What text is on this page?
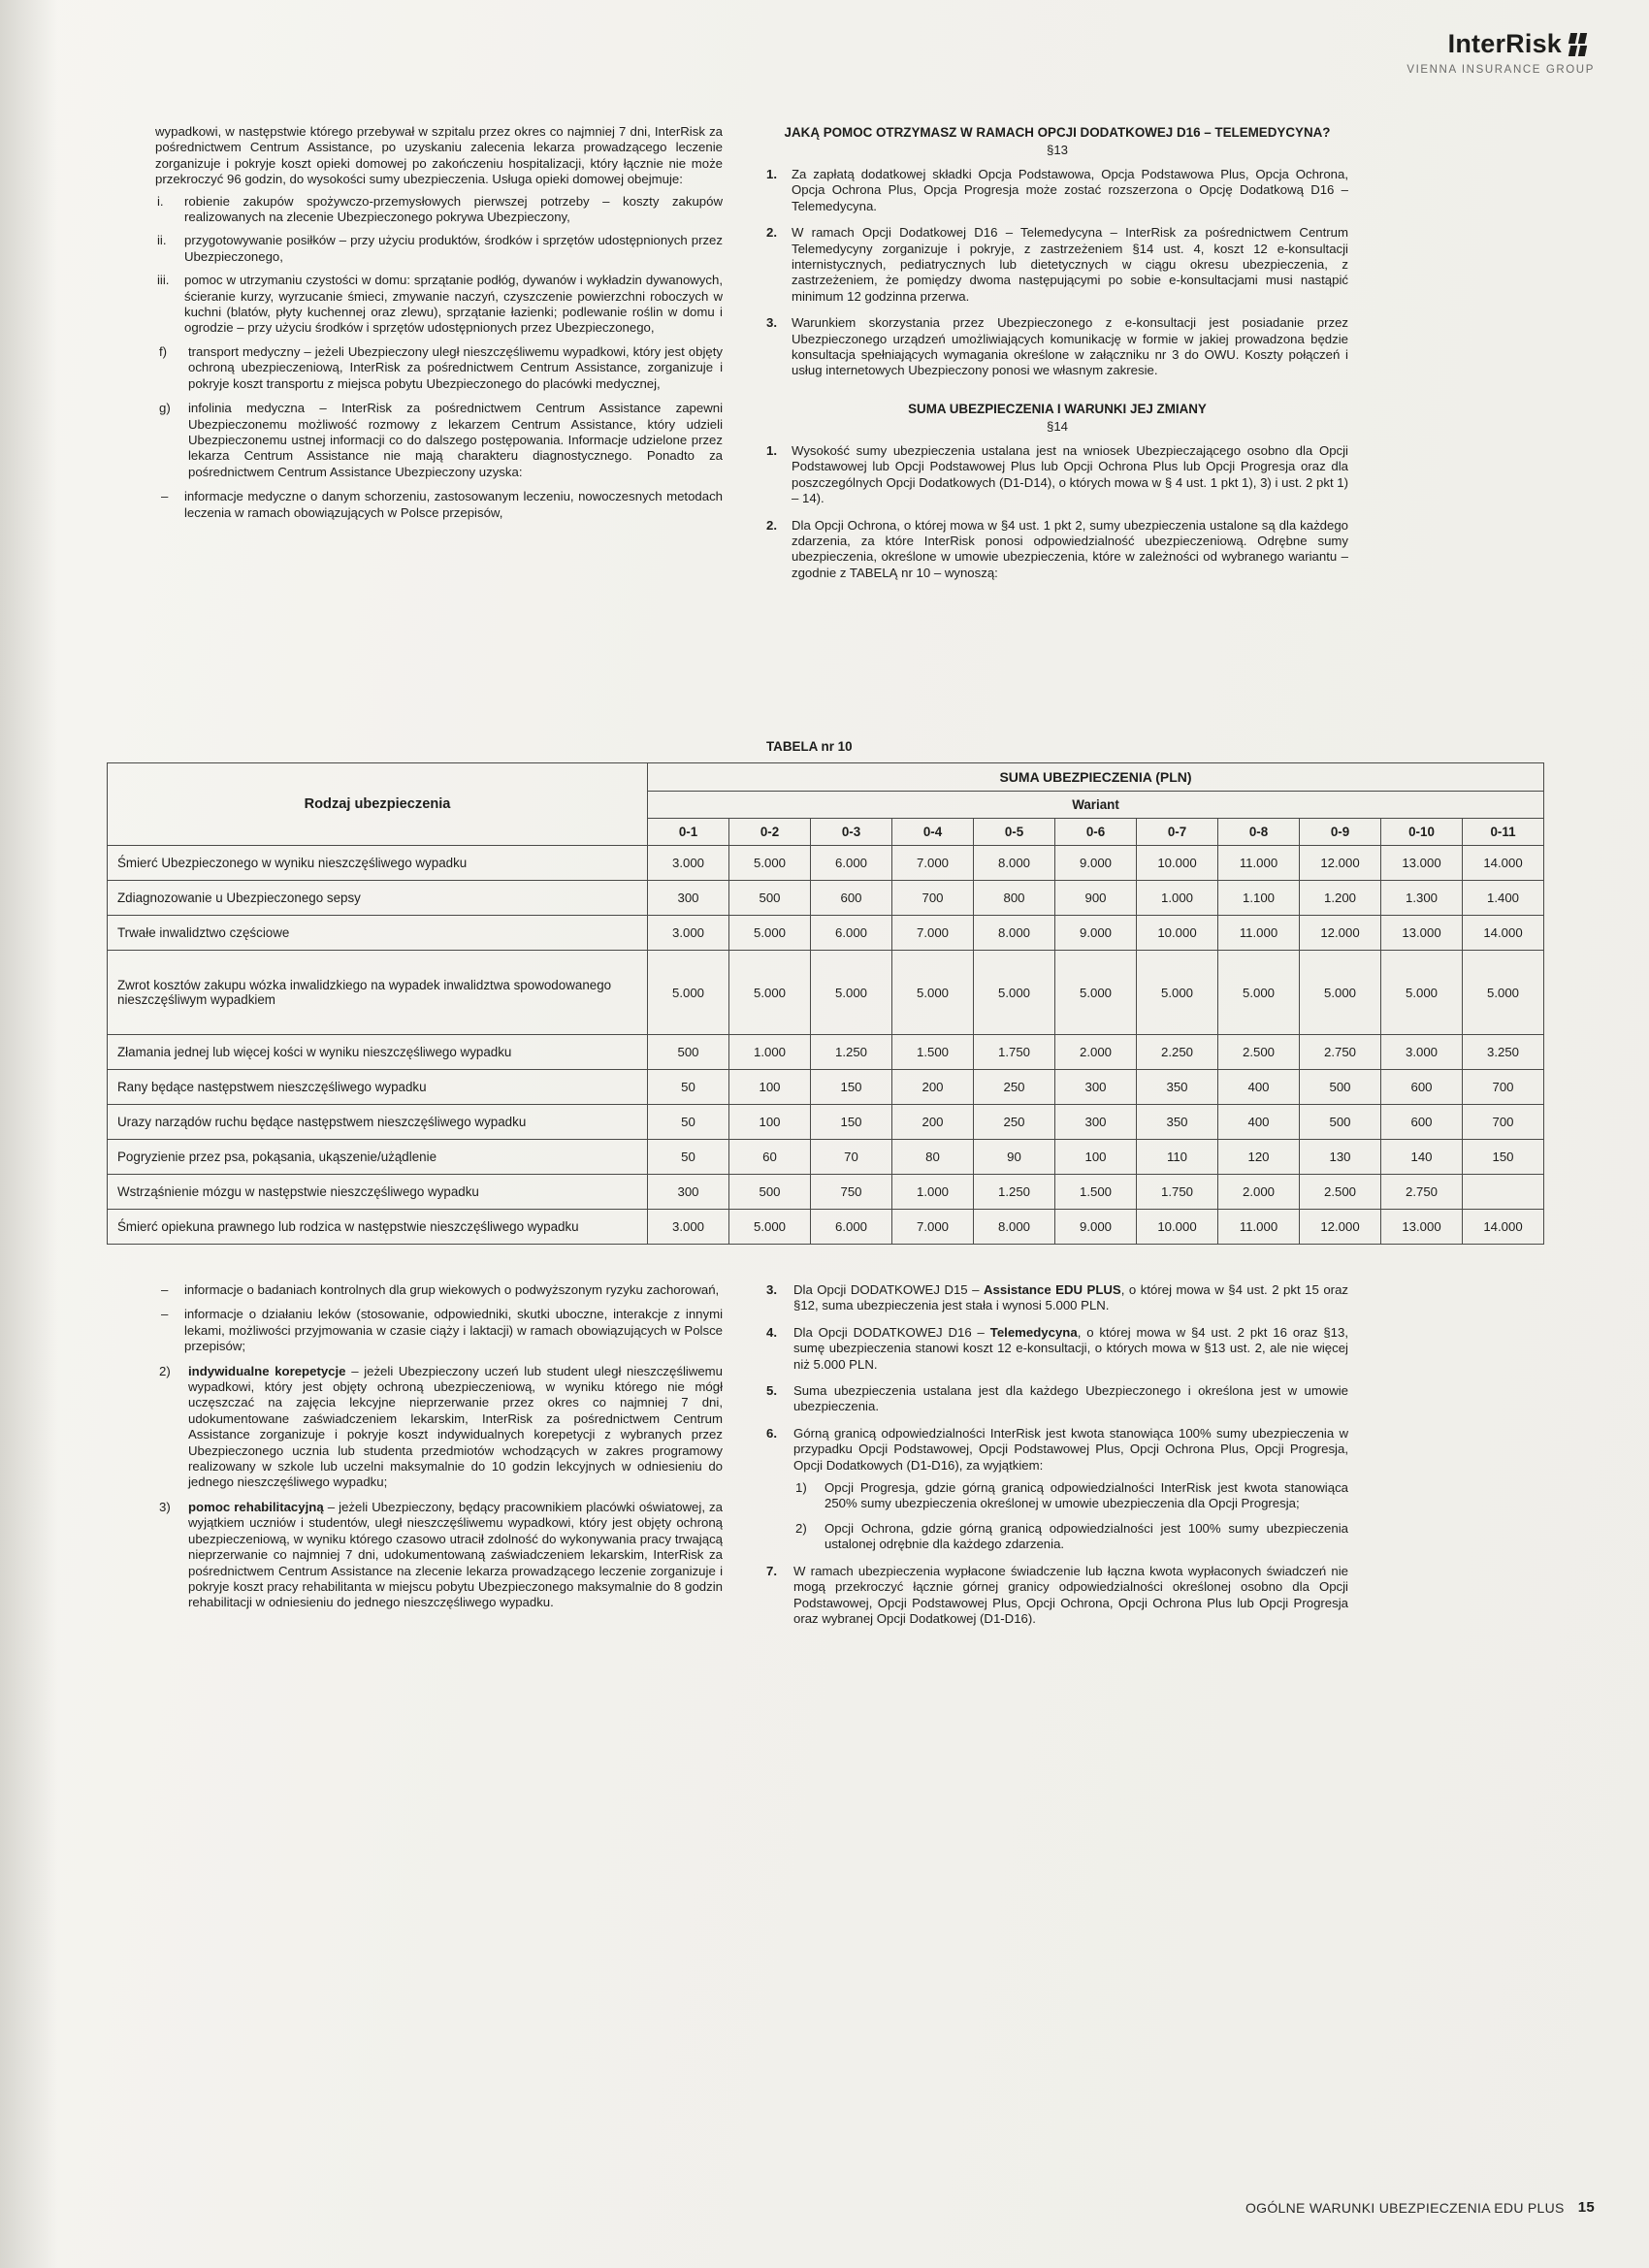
InterRisk
VIENNA INSURANCE GROUP
wypadkowi, w następstwie którego przebywał w szpitalu przez okres co najmniej 7 dni, InterRisk za pośrednictwem Centrum Assistance, po uzyskaniu zalecenia lekarza prowadzącego leczenie zorganizuje i pokryje koszt opieki domowej po zakończeniu hospitalizacji, który łącznie nie może przekroczyć 96 godzin, do wysokości sumy ubezpieczenia. Usługa opieki domowej obejmuje:
i. robienie zakupów spożywczo-przemysłowych pierwszej potrzeby – koszty zakupów realizowanych na zlecenie Ubezpieczonego pokrywa Ubezpieczony,
ii. przygotowywanie posiłków – przy użyciu produktów, środków i sprzętów udostępnionych przez Ubezpieczonego,
iii. pomoc w utrzymaniu czystości w domu: sprzątanie podłóg, dywanów i wykładzin dywanowych, ścieranie kurzy, wyrzucanie śmieci, zmywanie naczyń, czyszczenie powierzchni roboczych w kuchni (blatów, płyty kuchennej oraz zlewu), sprzątanie łazienki; podlewanie roślin w domu i ogrodzie – przy użyciu środków i sprzętów udostępnionych przez Ubezpieczonego,
f) transport medyczny – jeżeli Ubezpieczony uległ nieszczęśliwemu wypadkowi, który jest objęty ochroną ubezpieczeniową, InterRisk za pośrednictwem Centrum Assistance, zorganizuje i pokryje koszt transportu z miejsca pobytu Ubezpieczonego do placówki medycznej,
g) infolinia medyczna – InterRisk za pośrednictwem Centrum Assistance zapewni Ubezpieczonemu możliwość rozmowy z lekarzem Centrum Assistance, który udzieli Ubezpieczonemu ustnej informacji co do dalszego postępowania. Informacje udzielone przez lekarza Centrum Assistance nie mają charakteru diagnostycznego. Ponadto za pośrednictwem Centrum Assistance Ubezpieczony uzyska:
– informacje medyczne o danym schorzeniu, zastosowanym leczeniu, nowoczesnych metodach leczenia w ramach obowiązujących w Polsce przepisów,
JAKĄ POMOC OTRZYMASZ W RAMACH OPCJI DODATKOWEJ D16 – TELEMEDYCYNA?
§13
1. Za zapłatą dodatkowej składki Opcja Podstawowa, Opcja Podstawowa Plus, Opcja Ochrona, Opcja Ochrona Plus, Opcja Progresja może zostać rozszerzona o Opcję Dodatkową D16 – Telemedycyna.
2. W ramach Opcji Dodatkowej D16 – Telemedycyna – InterRisk za pośrednictwem Centrum Telemedycyny zorganizuje i pokryje, z zastrzeżeniem §14 ust. 4, koszt 12 e-konsultacji internistycznych, pediatrycznych lub dietetycznych w ciągu okresu ubezpieczenia, z zastrzeżeniem, że pomiędzy dwoma następującymi po sobie e-konsultacjami musi nastąpić minimum 12 godzinna przerwa.
3. Warunkiem skorzystania przez Ubezpieczonego z e-konsultacji jest posiadanie przez Ubezpieczonego urządzeń umożliwiających komunikację w formie w jakiej prowadzona będzie konsultacja spełniających wymagania określone w załączniku nr 3 do OWU. Koszty połączeń i usług internetowych Ubezpieczony ponosi we własnym zakresie.
SUMA UBEZPIECZENIA I WARUNKI JEJ ZMIANY
§14
1. Wysokość sumy ubezpieczenia ustalana jest na wniosek Ubezpieczającego osobno dla Opcji Podstawowej lub Opcji Podstawowej Plus lub Opcji Ochrona Plus lub Opcji Progresja oraz dla poszczególnych Opcji Dodatkowych (D1-D14), o których mowa w § 4 ust. 1 pkt 1), 3) i ust. 2 pkt 1) – 14).
2. Dla Opcji Ochrona, o której mowa w §4 ust. 1 pkt 2, sumy ubezpieczenia ustalone są dla każdego zdarzenia, za które InterRisk ponosi odpowiedzialność ubezpieczeniową. Odrębne sumy ubezpieczenia, określone w umowie ubezpieczenia, które w zależności od wybranego wariantu – zgodnie z TABELĄ nr 10 – wynoszą:
TABELA nr 10
Rodzaj ubezpieczenia	SUMA UBEZPIECZENIA (PLN)										
	Wariant										
	0-1	0-2	0-3	0-4	0-5	0-6	0-7	0-8	0-9	0-10	0-11
Śmierć Ubezpieczonego w wyniku nieszczęśliwego wypadku	3.000	5.000	6.000	7.000	8.000	9.000	10.000	11.000	12.000	13.000	14.000
Zdiagnozowanie u Ubezpieczonego sepsy	300	500	600	700	800	900	1.000	1.100	1.200	1.300	1.400
Trwałe inwalidztwo częściowe	3.000	5.000	6.000	7.000	8.000	9.000	10.000	11.000	12.000	13.000	14.000
Zwrot kosztów zakupu wózka inwalidzkiego na wypadek inwalidztwa spowodowanego nieszczęśliwym wypadkiem	5.000	5.000	5.000	5.000	5.000	5.000	5.000	5.000	5.000	5.000	5.000
Złamania jednej lub więcej kości w wyniku nieszczęśliwego wypadku	500	1.000	1.250	1.500	1.750	2.000	2.250	2.500	2.750	3.000	3.250
Rany będące następstwem nieszczęśliwego wypadku	50	100	150	200	250	300	350	400	500	600	700
Urazy narządów ruchu będące następstwem nieszczęśliwego wypadku	50	100	150	200	250	300	350	400	500	600	700
Pogryzienie przez psa, pokąsania, ukąszenie/użądlenie	50	60	70	80	90	100	110	120	130	140	150
Wstrząśnienie mózgu w następstwie nieszczęśliwego wypadku	300	500	750	1.000	1.250	1.500	1.750	2.000	2.500	2.750	
Śmierć opiekuna prawnego lub rodzica w następstwie nieszczęśliwego wypadku	3.000	5.000	6.000	7.000	8.000	9.000	10.000	11.000	12.000	13.000	14.000
– informacje o badaniach kontrolnych dla grup wiekowych o podwyższonym ryzyku zachorowań,
– informacje o działaniu leków (stosowanie, odpowiedniki, skutki uboczne, interakcje z innymi lekami, możliwości przyjmowania w czasie ciąży i laktacji) w ramach obowiązujących w Polsce przepisów;
2) indywidualne korepetycje – jeżeli Ubezpieczony uczeń lub student uległ nieszczęśliwemu wypadkowi, który jest objęty ochroną ubezpieczeniową, w wyniku którego nie mógł uczęszczać na zajęcia lekcyjne nieprzerwanie przez okres co najmniej 7 dni, udokumentowane zaświadczeniem lekarskim, InterRisk za pośrednictwem Centrum Assistance zorganizuje i pokryje koszt indywidualnych korepetycji z wybranych przez Ubezpieczonego ucznia lub studenta przedmiotów wchodzących w zakres programowy realizowany w szkole lub uczelni maksymalnie do 10 godzin lekcyjnych w odniesieniu do jednego nieszczęśliwego wypadku;
3) pomoc rehabilitacyjną – jeżeli Ubezpieczony, będący pracownikiem placówki oświatowej, za wyjątkiem uczniów i studentów, uległ nieszczęśliwemu wypadkowi, który jest objęty ochroną ubezpieczeniową, w wyniku którego czasowo utracił zdolność do wykonywania pracy trwającą nieprzerwanie co najmniej 7 dni, udokumentowaną zaświadczeniem lekarskim, InterRisk za pośrednictwem Centrum Assistance na zlecenie lekarza prowadzącego leczenie zorganizuje i pokryje koszt pracy rehabilitanta w miejscu pobytu Ubezpieczonego maksymalnie do 8 godzin rehabilitacji w odniesieniu do jednego nieszczęśliwego wypadku.
3. Dla Opcji DODATKOWEJ D15 – Assistance EDU PLUS, o której mowa w §4 ust. 2 pkt 15 oraz §12, suma ubezpieczenia jest stała i wynosi 5.000 PLN.
4. Dla Opcji DODATKOWEJ D16 – Telemedycyna, o której mowa w §4 ust. 2 pkt 16 oraz §13, sumę ubezpieczenia stanowi koszt 12 e-konsultacji, o których mowa w §13 ust. 2, ale nie więcej niż 5.000 PLN.
5. Suma ubezpieczenia ustalana jest dla każdego Ubezpieczonego i określona jest w umowie ubezpieczenia.
6. Górną granicą odpowiedzialności InterRisk jest kwota stanowiąca 100% sumy ubezpieczenia w przypadku Opcji Podstawowej, Opcji Podstawowej Plus, Opcji Ochrona Plus, Opcji Progresja, Opcji Dodatkowych (D1-D16), za wyjątkiem:
1) Opcji Progresja, gdzie górną granicą odpowiedzialności InterRisk jest kwota stanowiąca 250% sumy ubezpieczenia określonej w umowie ubezpieczenia dla Opcji Progresja;
2) Opcji Ochrona, gdzie górną granicą odpowiedzialności jest 100% sumy ubezpieczenia ustalonej odrębnie dla każdego zdarzenia.
7. W ramach ubezpieczenia wypłacone świadczenie lub łączna kwota wypłaconych świadczeń nie mogą przekroczyć łącznie górnej granicy odpowiedzialności określonej osobno dla Opcji Podstawowej, Opcji Podstawowej Plus, Opcji Ochrona, Opcji Ochrona Plus lub Opcji Progresja oraz wybranej Opcji Dodatkowej (D1-D16).
OGÓLNE WARUNKI UBEZPIECZENIA EDU PLUS 15
